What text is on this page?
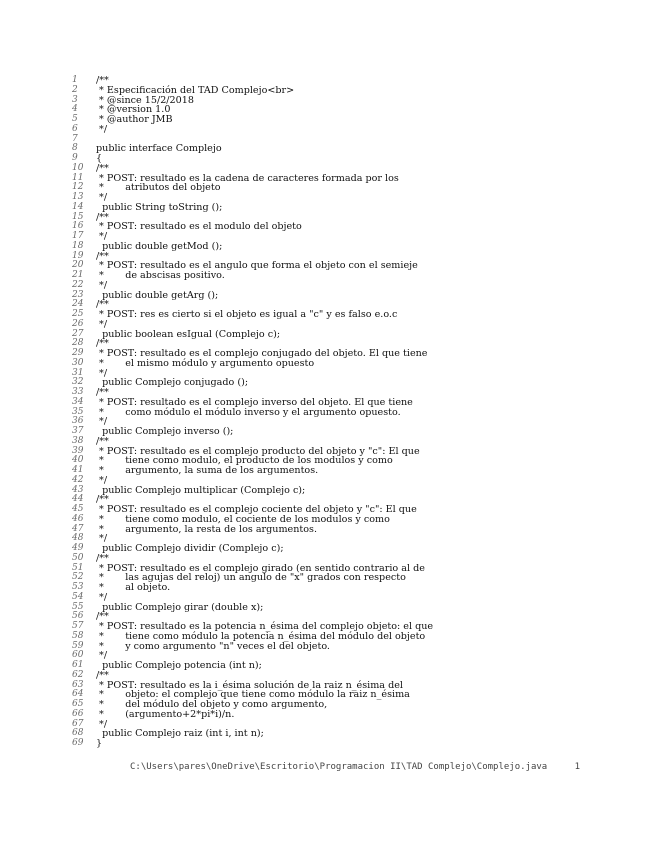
1	/**
2	* Especificación del TAD Complejo<br>
3	* @since 15/2/2018
4	* @version 1.0
5	* @author JMB
6	*/
7
8	public interface Complejo
9	{
10	/**
11	* POST: resultado es la cadena de caracteres formada por los
12	*       atributos del objeto
13	*/
14	public String toString ();
15	/**
16	* POST: resultado es el modulo del objeto
17	*/
18	public double getMod ();
19	/**
20	* POST: resultado es el angulo que forma el objeto con el semieje
21	*       de abscisas positivo.
22	*/
23	public double getArg ();
24	/**
25	* POST: res es cierto si el objeto es igual a "c" y es falso e.o.c
26	*/
27	public boolean esIgual (Complejo c);
28	/**
29	* POST: resultado es el complejo conjugado del objeto. El que tiene
30	*       el mismo módulo y argumento opuesto
31	*/
32	public Complejo conjugado ();
33	/**
34	* POST: resultado es el complejo inverso del objeto. El que tiene
35	*       como módulo el módulo inverso y el argumento opuesto.
36	*/
37	public Complejo inverso ();
38	/**
39	* POST: resultado es el complejo producto del objeto y "c": El que
40	*       tiene como modulo, el producto de los modulos y como
41	*       argumento, la suma de los argumentos.
42	*/
43	public Complejo multiplicar (Complejo c);
44	/**
45	* POST: resultado es el complejo cociente del objeto y "c": El que
46	*       tiene como modulo, el cociente de los modulos y como
47	*       argumento, la resta de los argumentos.
48	*/
49	public Complejo dividir (Complejo c);
50	/**
51	* POST: resultado es el complejo girado (en sentido contrario al de
52	*       las agujas del reloj) un angulo de "x" grados con respecto
53	*       al objeto.
54	*/
55	public Complejo girar (double x);
56	/**
57	* POST: resultado es la potencia n_ésima del complejo objeto: el que
58	*       tiene como módulo la potencia n_ésima del módulo del objeto
59	*       y como argumento "n" veces el del objeto.
60	*/
61	public Complejo potencia (int n);
62	/**
63	* POST: resultado es la i_ésima solución de la raiz n_ésima del
64	*       objeto: el complejo que tiene como módulo la raiz n_ésima
65	*       del módulo del objeto y como argumento,
66	*       (argumento+2*pi*i)/n.
67	*/
68	public Complejo raiz (int i, int n);
69	}
C:\Users\pares\OneDrive\Escritorio\Programacion II\TAD Complejo\Complejo.java	1
